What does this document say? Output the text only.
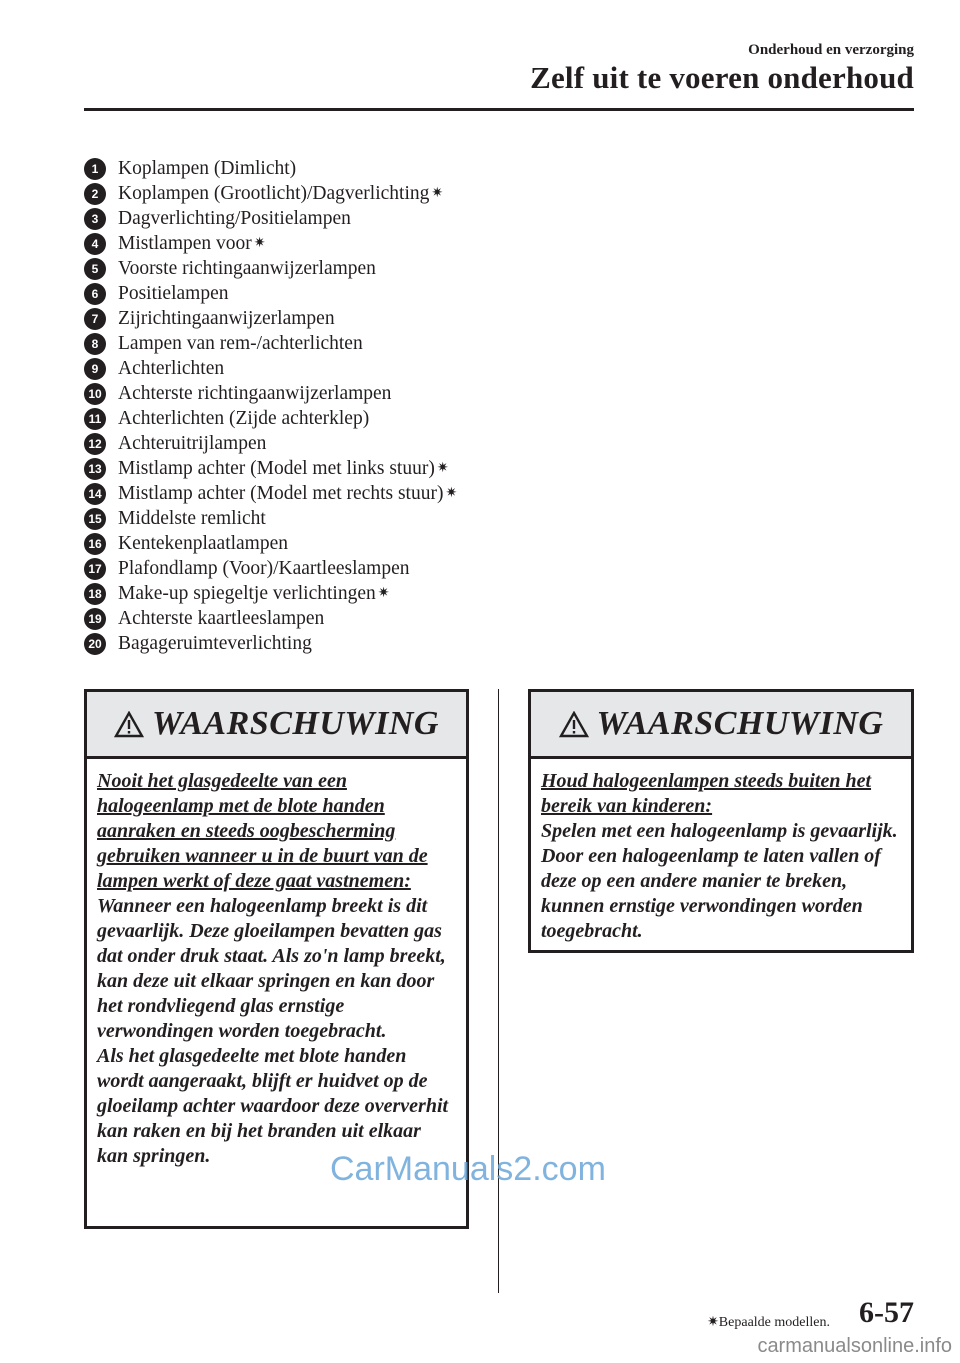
Onderhoud en verzorging
Zelf uit te voeren onderhoud
1	Koplampen (Dimlicht)
2	Koplampen (Grootlicht)/Dagverlichting ✷
3	Dagverlichting/Positielampen
4	Mistlampen voor ✷
5	Voorste richtingaanwijzerlampen
6	Positielampen
7	Zijrichtingaanwijzerlampen
8	Lampen van rem-/achterlichten
9	Achterlichten
10 Achterste richtingaanwijzerlampen
11 Achterlichten (Zijde achterklep)
12 Achteruitrijlampen
13 Mistlamp achter (Model met links stuur) ✷
14 Mistlamp achter (Model met rechts stuur) ✷
15 Middelste remlicht
16 Kentekenplaatlampen
17 Plafondlamp (Voor)/Kaartleeslampen
18 Make-up spiegeltje verlichtingen ✷
19 Achterste kaartleeslampen
20 Bagageruimteverlichting
WAARSCHUWING
Nooit het glasgedeelte van een halogeenlamp met de blote handen aanraken en steeds oogbescherming gebruiken wanneer u in de buurt van de lampen werkt of deze gaat vastnemen:
Wanneer een halogeenlamp breekt is dit gevaarlijk. Deze gloeilampen bevatten gas dat onder druk staat. Als zo'n lamp breekt, kan deze uit elkaar springen en kan door het rondvliegend glas ernstige verwondingen worden toegebracht.
Als het glasgedeelte met blote handen wordt aangeraakt, blijft er huidvet op de gloeilamp achter waardoor deze oververhit kan raken en bij het branden uit elkaar kan springen.
WAARSCHUWING
Houd halogeenlampen steeds buiten het bereik van kinderen:
Spelen met een halogeenlamp is gevaarlijk. Door een halogeenlamp te laten vallen of deze op een andere manier te breken, kunnen ernstige verwondingen worden toegebracht.
CarManuals2.com
✷Bepaalde modellen. 6-57
carmanualsonline.info
